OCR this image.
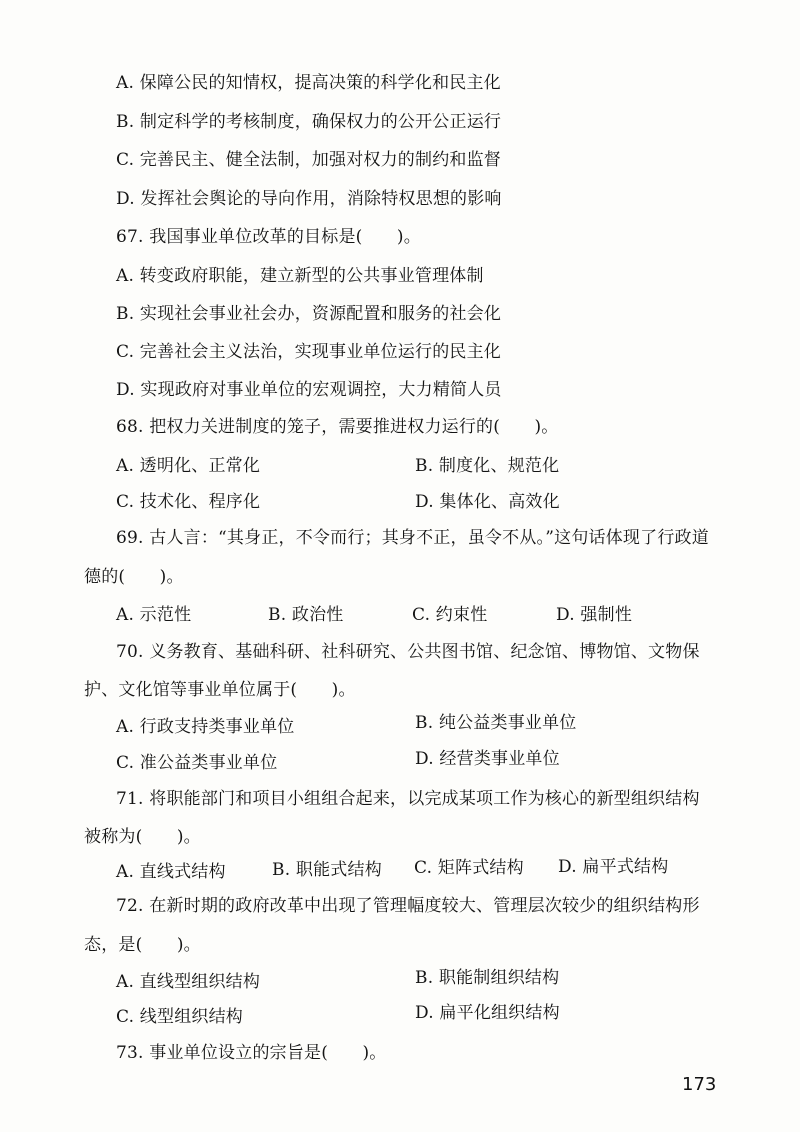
A. 保障公民的知情权，提高决策的科学化和民主化
B. 制定科学的考核制度，确保权力的公开公正运行
C. 完善民主、健全法制，加强对权力的制约和监督
D. 发挥社会舆论的导向作用，消除特权思想的影响
67. 我国事业单位改革的目标是(　　)。
A. 转变政府职能，建立新型的公共事业管理体制
B. 实现社会事业社会办，资源配置和服务的社会化
C. 完善社会主义法治，实现事业单位运行的民主化
D. 实现政府对事业单位的宏观调控，大力精简人员
68. 把权力关进制度的笼子，需要推进权力运行的(　　)。
A. 透明化、正常化	B. 制度化、规范化
C. 技术化、程序化	D. 集体化、高效化
69. 古人言：“其身正，不令而行；其身不正，虽令不从。”这句话体现了行政道
德的(　　)。
A. 示范性	B. 政治性	C. 约束性	D. 强制性
70. 义务教育、基础科研、社科研究、公共图书馆、纪念馆、博物馆、文物保
护、文化馆等事业单位属于(　　)。
A. 行政支持类事业单位	B. 纯公益类事业单位
C. 准公益类事业单位	D. 经营类事业单位
71. 将职能部门和项目小组组合起来，以完成某项工作为核心的新型组织结构
被称为(　　)。
A. 直线式结构	B. 职能式结构 C. 矩阵式结构 D. 扁平式结构
72. 在新时期的政府改革中出现了管理幅度较大、管理层次较少的组织结构形
态，是(　　)。
A. 直线型组织结构	B. 职能制组织结构
C. 线型组织结构	D. 扁平化组织结构
73. 事业单位设立的宗旨是(　　)。
173
